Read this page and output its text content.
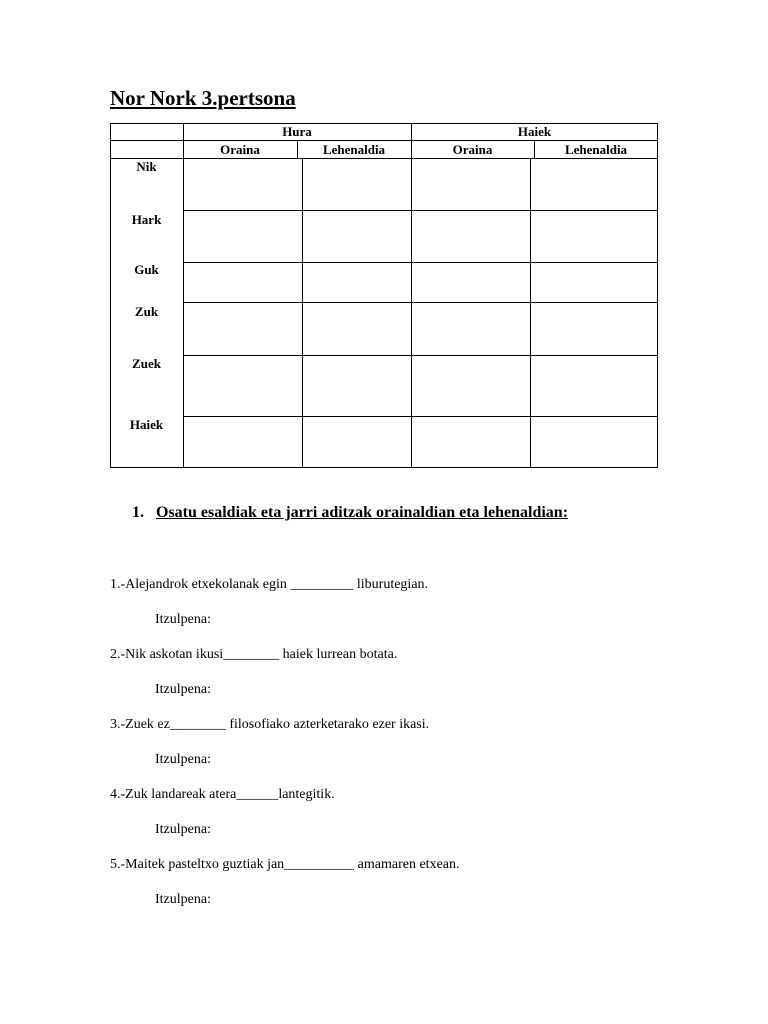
Nor Nork 3.pertsona
Hura	Haiek
Oraina	Lehenaldia	Oraina	Lehenaldia
Nik
Hark
Guk
Zuk
Zuek
Haiek
1. Osatu esaldiak eta jarri aditzak orainaldian eta lehenaldian:
1.-Alejandrok etxekolanak egin _________ liburutegian.
Itzulpena:
2.-Nik askotan ikusi________ haiek lurrean botata.
Itzulpena:
3.-Zuek ez________ filosofiako azterketarako ezer ikasi.
Itzulpena:
4.-Zuk landareak atera______lantegitik.
Itzulpena:
5.-Maitek pasteltxo guztiak jan__________ amamaren etxean.
Itzulpena:
